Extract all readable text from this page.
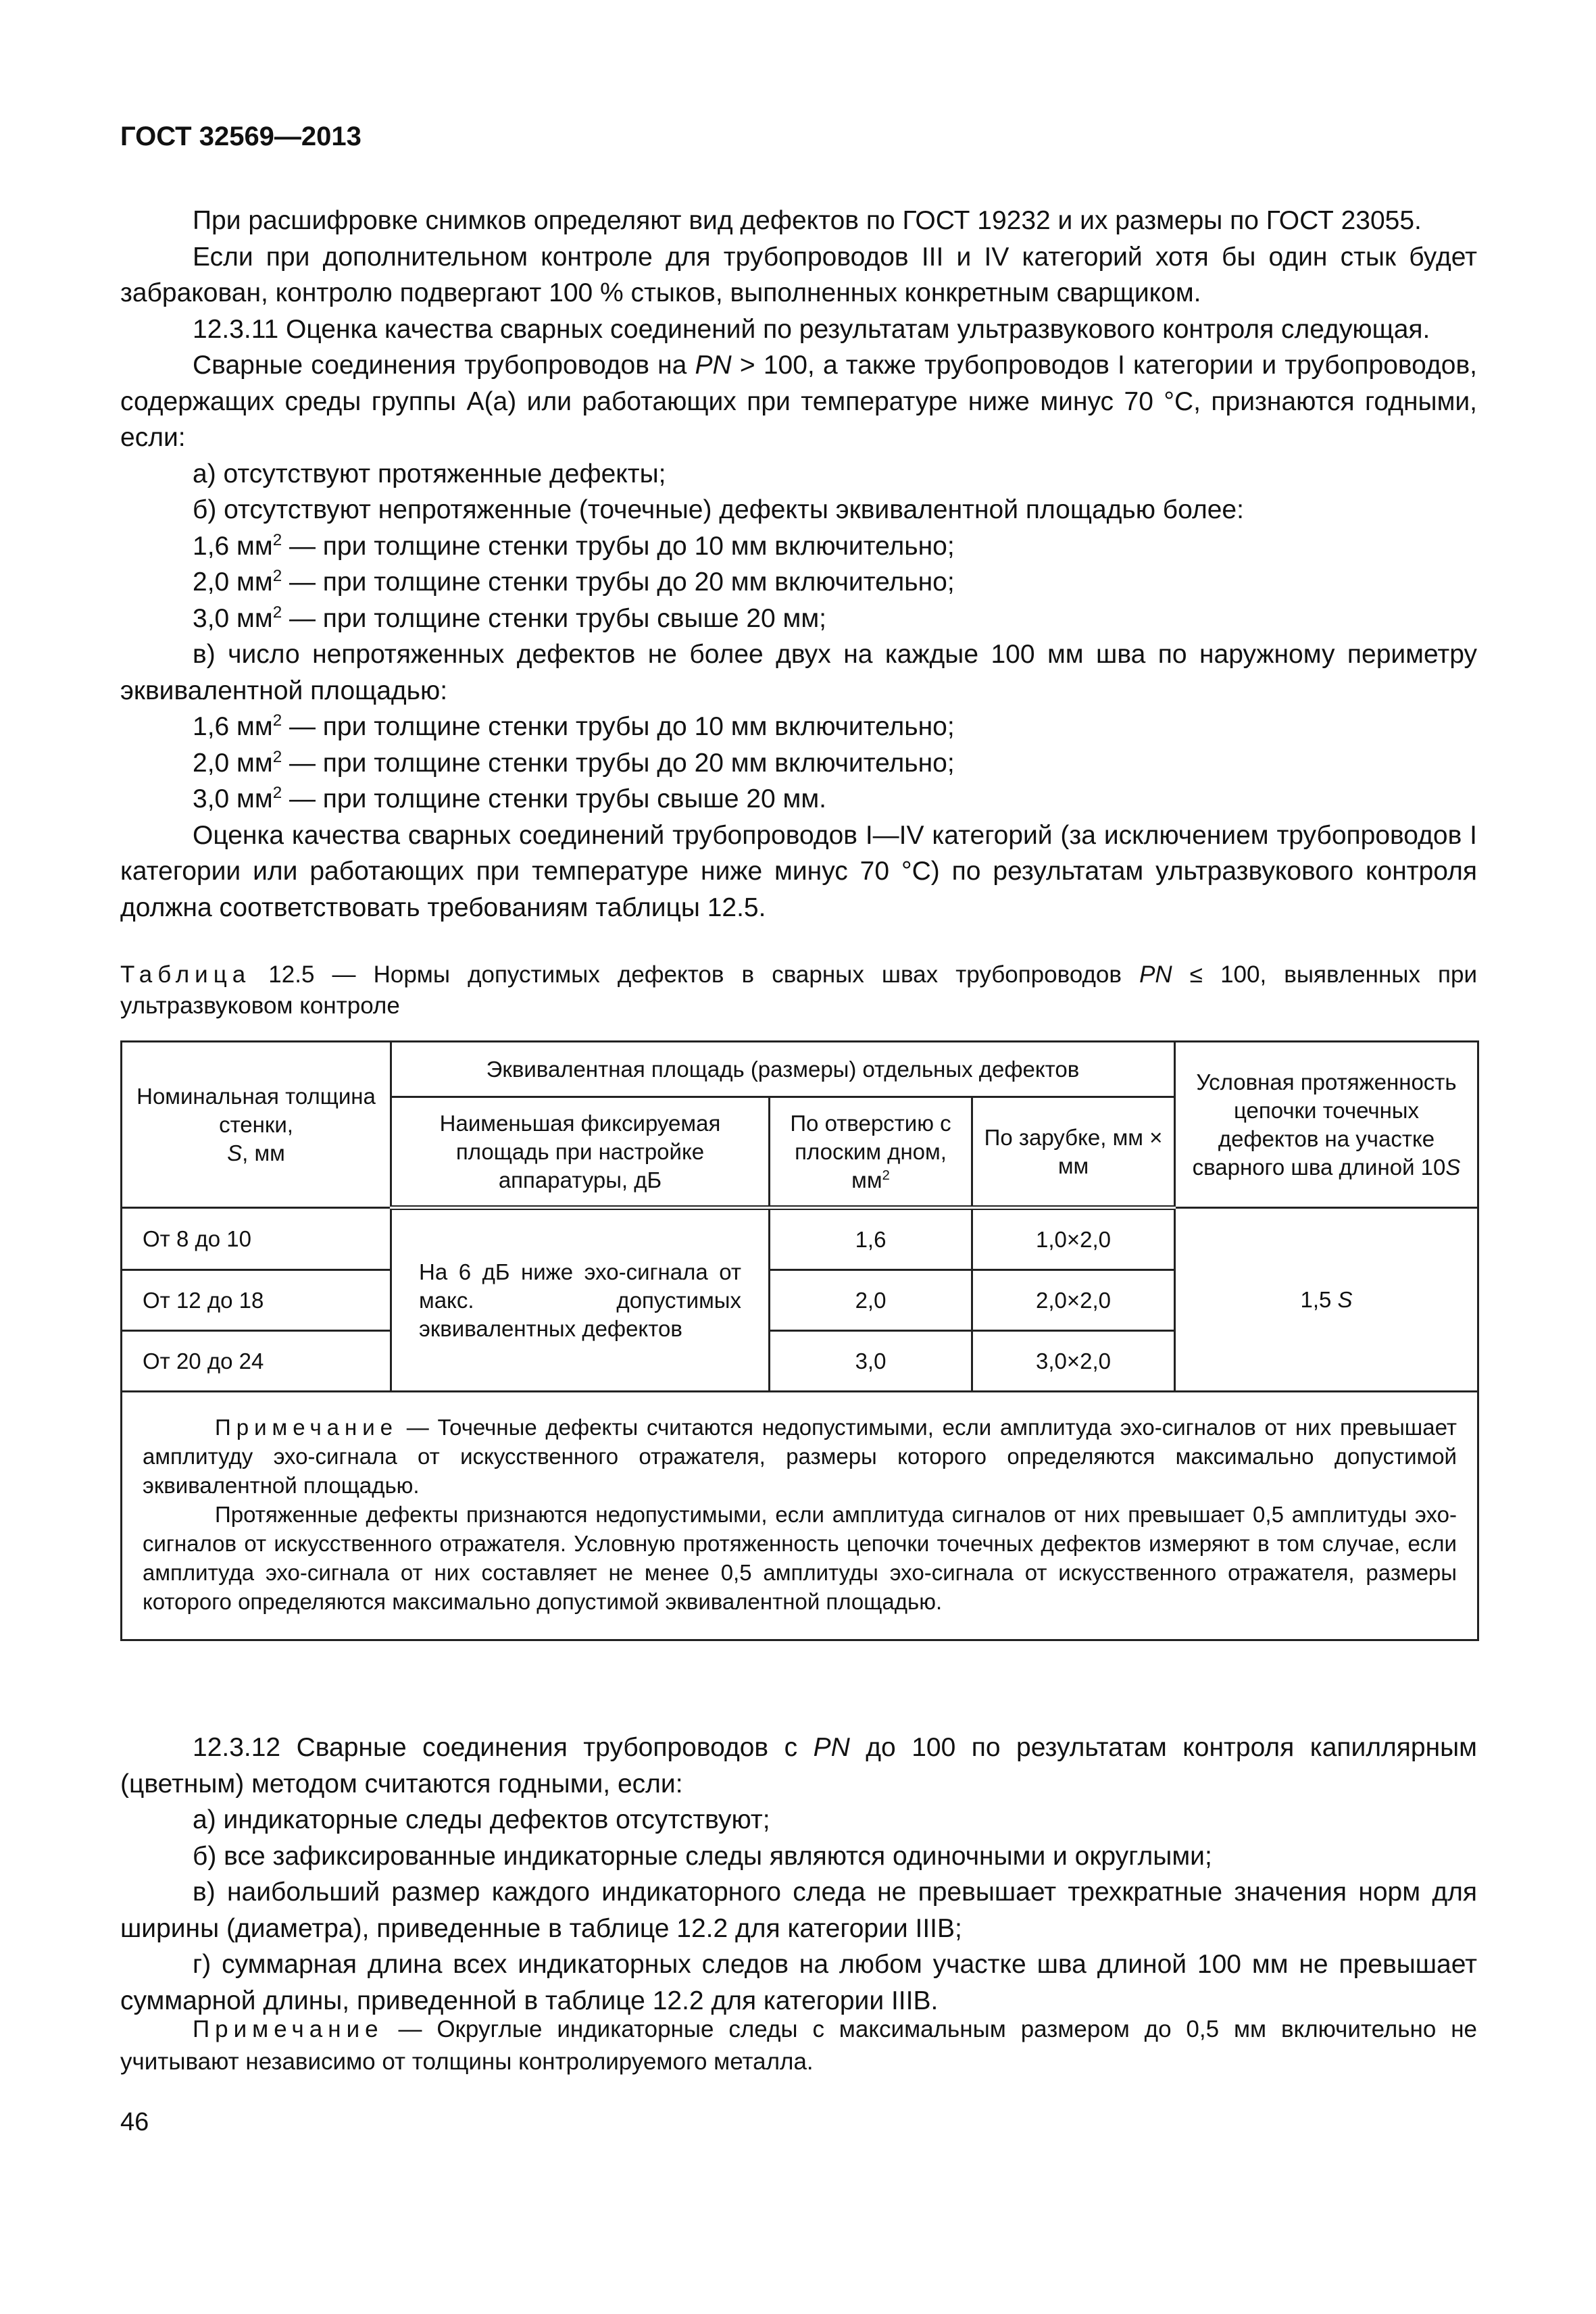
ГОСТ 32569—2013

При расшифровке снимков определяют вид дефектов по ГОСТ 19232 и их размеры по ГОСТ 23055.

Если при дополнительном контроле для трубопроводов III и IV категорий хотя бы один стык будет забракован, контролю подвергают 100 % стыков, выполненных конкретным сварщиком.

12.3.11 Оценка качества сварных соединений по результатам ультразвукового контроля следующая.

Сварные соединения трубопроводов на PN > 100, а также трубопроводов I категории и трубопроводов, содержащих среды группы А(а) или работающих при температуре ниже минус 70 °С, признаются годными, если:

а) отсутствуют протяженные дефекты;

б) отсутствуют непротяженные (точечные) дефекты эквивалентной площадью более:

1,6 $мм^2$ — при толщине стенки трубы до 10 мм включительно;

2,0 $мм^2$ — при толщине стенки трубы до 20 мм включительно;

3,0 $мм^2$ — при толщине стенки трубы свыше 20 мм;

в) число непротяженных дефектов не более двух на каждые 100 мм шва по наружному периметру эквивалентной площадью:

1,6 $мм^2$ — при толщине стенки трубы до 10 мм включительно;

2,0 $мм^2$ — при толщине стенки трубы до 20 мм включительно;

3,0 $мм^2$ — при толщине стенки трубы свыше 20 мм.

Оценка качества сварных соединений трубопроводов I—IV категорий (за исключением трубопроводов I категории или работающих при температуре ниже минус 70 °С) по результатам ультразвукового контроля должна соответствовать требованиям таблицы 12.5.

Таблица 12.5 — Нормы допустимых дефектов в сварных швах трубопроводов PN ≤ 100, выявленных при ультразвуковом контроле
Номинальная толщина стенки,
S, мм	Эквивалентная площадь (размеры) отдельных дефектов			Условная протяженность цепочки точечных дефектов на участке сварного шва длиной 10S
	Наименьшая фиксируемая площадь при настройке аппаратуры, дБ	По отверстию с плоским дном, $мм^2$	По зарубке, мм × мм	
От 8 до 10	На 6 дБ ниже эхо-сигнала от макс. допустимых эквивалентных дефектов	1,6	1,0×2,0	1,5 S
От 12 до 18		2,0	2,0×2,0	
От 20 до 24		3,0	3,0×2,0	

Примечание — Точечные дефекты считаются недопустимыми, если амплитуда эхо-сигналов от них превышает амплитуду эхо-сигнала от искусственного отражателя, размеры которого определяются максимально допустимой эквивалентной площадью.

Протяженные дефекты признаются недопустимыми, если амплитуда сигналов от них превышает 0,5 амплитуды эхо-сигналов от искусственного отражателя. Условную протяженность цепочки точечных дефектов измеряют в том случае, если амплитуда эхо-сигнала от них составляет не менее 0,5 амплитуды эхо-сигнала от искусственного отражателя, размеры которого определяются максимально допустимой эквивалентной площадью.				

12.3.12 Сварные соединения трубопроводов с PN до 100 по результатам контроля капиллярным (цветным) методом считаются годными, если:

а) индикаторные следы дефектов отсутствуют;

б) все зафиксированные индикаторные следы являются одиночными и округлыми;

в) наибольший размер каждого индикаторного следа не превышает трехкратные значения норм для ширины (диаметра), приведенные в таблице 12.2 для категории IIIВ;

г) суммарная длина всех индикаторных следов на любом участке шва длиной 100 мм не превышает суммарной длины, приведенной в таблице 12.2 для категории IIIВ.

Примечание — Округлые индикаторные следы с максимальным размером до 0,5 мм включительно не учитывают независимо от толщины контролируемого металла.
46
